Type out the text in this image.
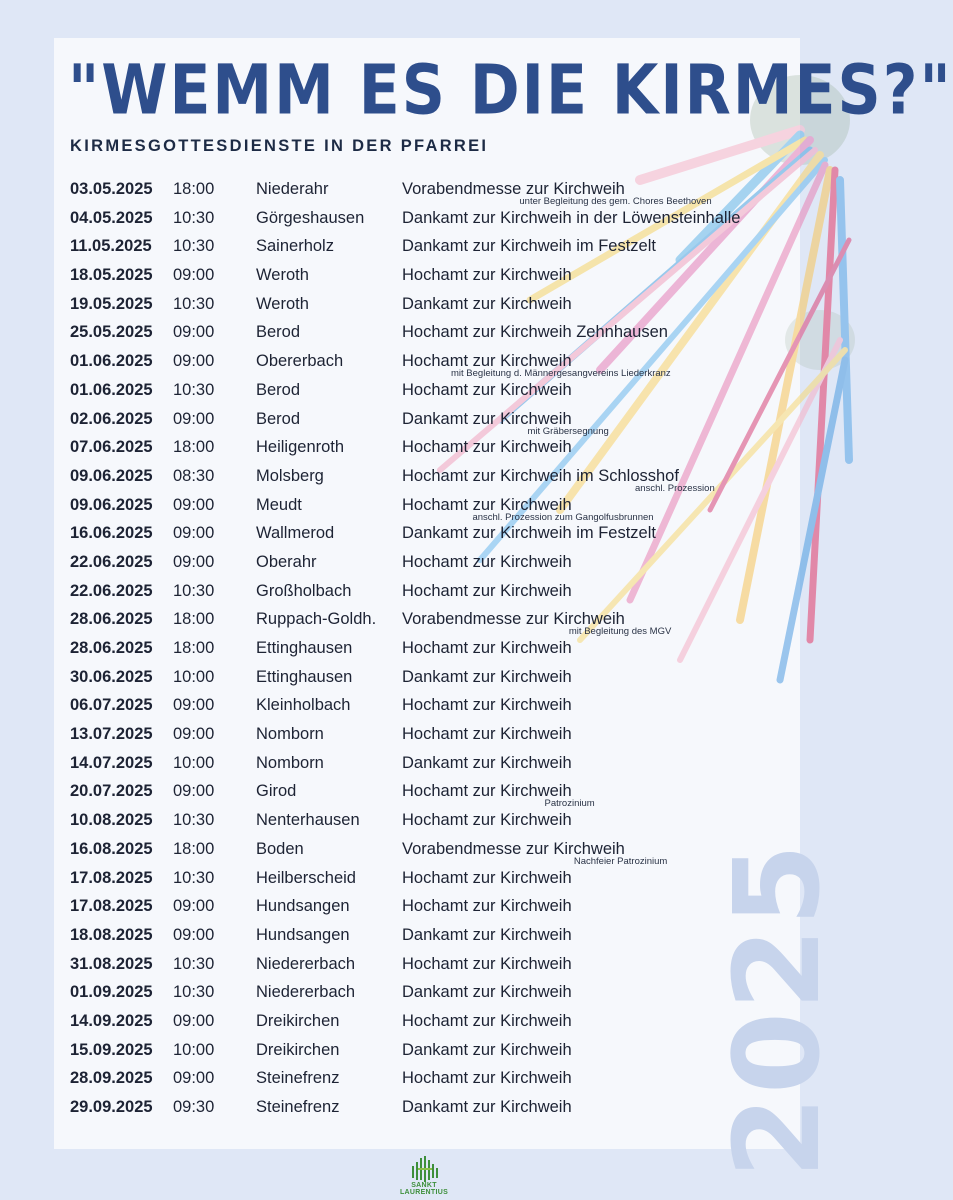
2025
"WEMM ES DIE KIRMES?"
KIRMESGOTTESDIENSTE IN DER PFARREI
03.05.2025 18:00	Niederahr	Vorabendmesse zur Kirchweih
unter Begleitung des gem. Chores Beethoven
04.05.2025 10:30	Görgeshausen Dankamt zur Kirchweih in der Löwensteinhalle
11.05.2025 10:30	Sainerholz	Dankamt zur Kirchweih im Festzelt
18.05.2025 09:00	Weroth	Hochamt zur Kirchweih
19.05.2025 10:30	Weroth	Dankamt zur Kirchweih
25.05.2025 09:00	Berod	Hochamt zur Kirchweih Zehnhausen
01.06.2025 09:00	Obererbach	Hochamt zur Kirchweih
mit Begleitung d. Männergesangvereins Liederkranz
01.06.2025 10:30	Berod	Hochamt zur Kirchweih
02.06.2025 09:00	Berod	Dankamt zur Kirchweih
mit Gräbersegnung
07.06.2025 18:00	Heiligenroth	Hochamt zur Kirchweih
09.06.2025 08:30	Molsberg	Hochamt zur Kirchweih im Schlosshof
anschl. Prozession
09.06.2025 09:00	Meudt	Hochamt zur Kirchweih
anschl. Prozession zum Gangolfusbrunnen
16.06.2025 09:00	Wallmerod	Dankamt zur Kirchweih im Festzelt
22.06.2025 09:00	Oberahr	Hochamt zur Kirchweih
22.06.2025 10:30	Großholbach	Hochamt zur Kirchweih
28.06.2025 18:00	Ruppach-Goldh. Vorabendmesse zur Kirchweih
mit Begleitung des MGV
28.06.2025 18:00	Ettinghausen	Hochamt zur Kirchweih
30.06.2025 10:00	Ettinghausen	Dankamt zur Kirchweih
06.07.2025 09:00	Kleinholbach	Hochamt zur Kirchweih
13.07.2025 09:00	Nomborn	Hochamt zur Kirchweih
14.07.2025 10:00	Nomborn	Dankamt zur Kirchweih
20.07.2025 09:00	Girod	Hochamt zur Kirchweih
Patrozinium
10.08.2025 10:30	Nenterhausen	Hochamt zur Kirchweih
16.08.2025 18:00	Boden	Vorabendmesse zur Kirchweih
Nachfeier Patrozinium
17.08.2025 10:30	Heilberscheid	Hochamt zur Kirchweih
17.08.2025 09:00	Hundsangen	Hochamt zur Kirchweih
18.08.2025 09:00	Hundsangen	Dankamt zur Kirchweih
31.08.2025 10:30	Niedererbach	Hochamt zur Kirchweih
01.09.2025 10:30	Niedererbach	Dankamt zur Kirchweih
14.09.2025 09:00	Dreikirchen	Hochamt zur Kirchweih
15.09.2025 10:00	Dreikirchen	Dankamt zur Kirchweih
28.09.2025 09:00	Steinefrenz	Hochamt zur Kirchweih
29.09.2025 09:30	Steinefrenz	Dankamt zur Kirchweih
SANKT LAURENTIUS
